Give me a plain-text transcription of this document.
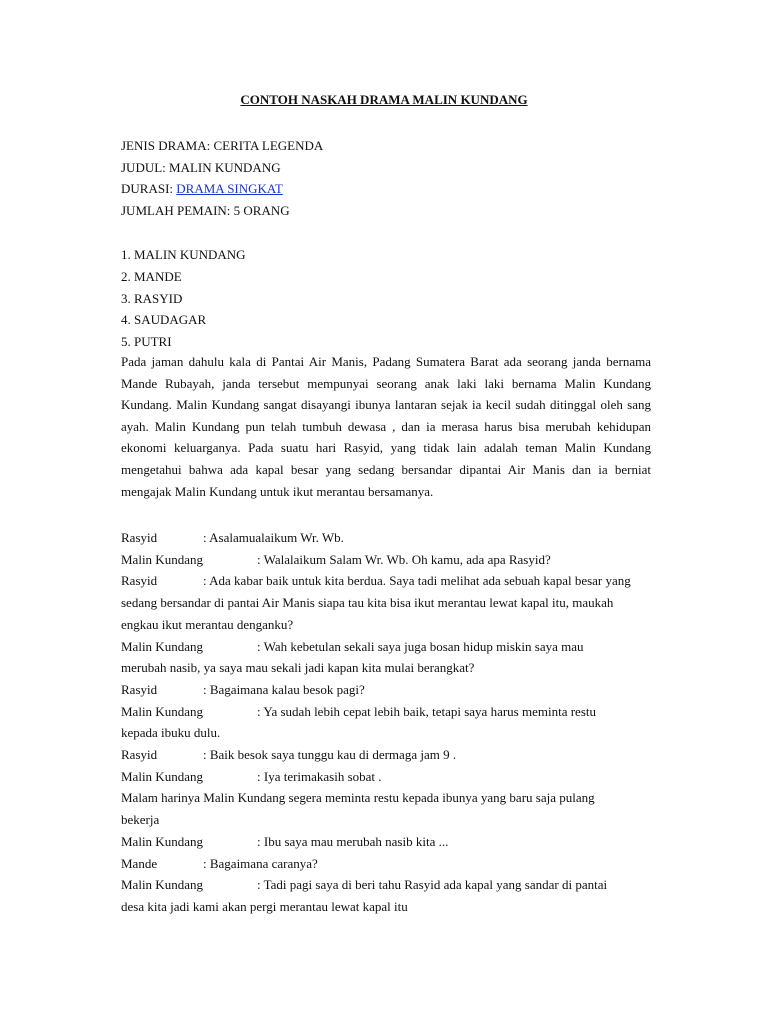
CONTOH NASKAH DRAMA MALIN KUNDANG
JENIS DRAMA: CERITA LEGENDA
JUDUL: MALIN KUNDANG
DURASI: DRAMA SINGKAT
JUMLAH PEMAIN: 5 ORANG
1. MALIN KUNDANG
2. MANDE
3. RASYID
4. SAUDAGAR
5. PUTRI
Pada jaman dahulu kala di Pantai Air Manis, Padang Sumatera Barat ada seorang janda bernama Mande Rubayah, janda tersebut mempunyai seorang anak laki laki bernama Malin Kundang Kundang. Malin Kundang sangat disayangi ibunya lantaran sejak ia kecil sudah ditinggal oleh sang ayah. Malin Kundang pun telah tumbuh dewasa , dan ia merasa harus bisa merubah kehidupan ekonomi keluarganya. Pada suatu hari Rasyid, yang tidak lain adalah teman Malin Kundang mengetahui bahwa ada kapal besar yang sedang bersandar dipantai Air Manis dan ia berniat mengajak Malin Kundang untuk ikut merantau bersamanya.
Rasyid	: Asalamualaikum Wr. Wb.
Malin Kundang	: Walalaikum Salam Wr. Wb. Oh kamu, ada apa Rasyid?
Rasyid	: Ada kabar baik untuk kita berdua. Saya tadi melihat ada sebuah kapal besar yang
sedang bersandar di pantai Air Manis siapa tau kita bisa ikut merantau lewat kapal itu, maukah
engkau ikut merantau denganku?
Malin Kundang	: Wah kebetulan sekali saya juga bosan hidup miskin saya mau
merubah nasib, ya saya mau sekali jadi kapan kita mulai berangkat?
Rasyid	: Bagaimana kalau besok pagi?
Malin Kundang	: Ya sudah lebih cepat lebih baik, tetapi saya harus meminta restu
kepada ibuku dulu.
Rasyid	: Baik besok saya tunggu kau di dermaga jam 9 .
Malin Kundang	: Iya terimakasih sobat .
Malam harinya Malin Kundang segera meminta restu kepada ibunya yang baru saja pulang
bekerja
Malin Kundang	: Ibu saya mau merubah nasib kita ...
Mande	: Bagaimana caranya?
Malin Kundang	: Tadi pagi saya di beri tahu Rasyid ada kapal yang sandar di pantai
desa kita jadi kami akan pergi merantau lewat kapal itu
